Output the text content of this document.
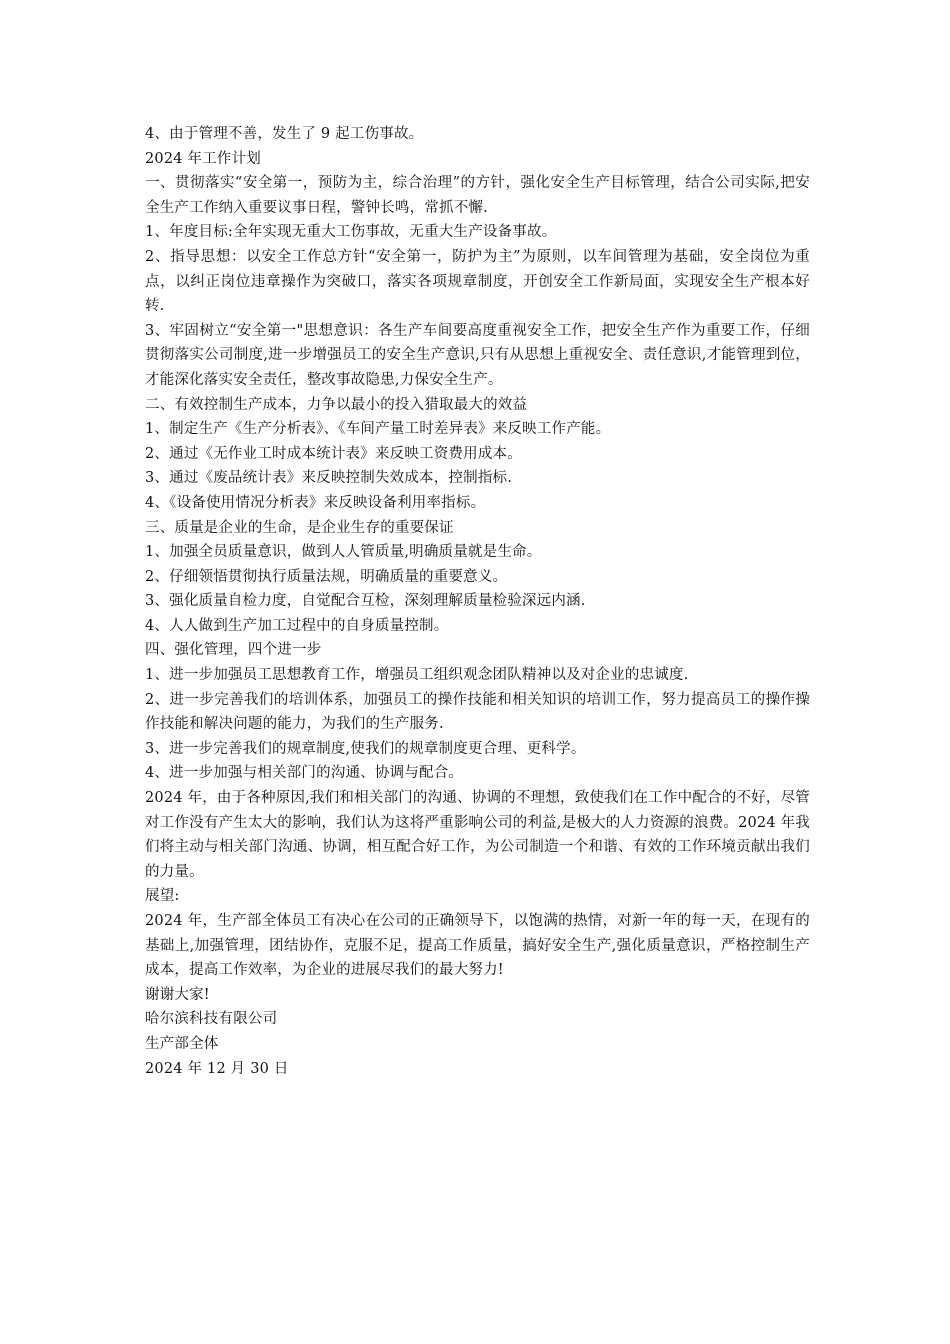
4、由于管理不善，发生了 9 起工伤事故。

2024 年工作计划

一、贯彻落实“安全第一，预防为主，综合治理”的方针，强化安全生产目标管理，结合公司实际,把安全生产工作纳入重要议事日程，警钟长鸣，常抓不懈.

1、年度目标:全年实现无重大工伤事故，无重大生产设备事故。

2、指导思想：以安全工作总方针“安全第一，防护为主”为原则，以车间管理为基础，安全岗位为重点，以纠正岗位违章操作为突破口，落实各项规章制度，开创安全工作新局面，实现安全生产根本好转.

3、牢固树立“安全第一"思想意识：各生产车间要高度重视安全工作，把安全生产作为重要工作，仔细贯彻落实公司制度,进一步增强员工的安全生产意识,只有从思想上重视安全、责任意识,才能管理到位，才能深化落实安全责任，整改事故隐患,力保安全生产。

二、有效控制生产成本，力争以最小的投入猎取最大的效益

1、制定生产《生产分析表》、《车间产量工时差异表》来反映工作产能。

2、通过《无作业工时成本统计表》来反映工资费用成本。

3、通过《废品统计表》来反映控制失效成本，控制指标.

4、《设备使用情况分析表》来反映设备利用率指标。

三、质量是企业的生命，是企业生存的重要保证

1、加强全员质量意识，做到人人管质量,明确质量就是生命。

2、仔细领悟贯彻执行质量法规，明确质量的重要意义。

3、强化质量自检力度，自觉配合互检，深刻理解质量检验深远内涵.

4、人人做到生产加工过程中的自身质量控制。

四、强化管理，四个进一步

1、进一步加强员工思想教育工作，增强员工组织观念团队精神以及对企业的忠诚度.

2、进一步完善我们的培训体系，加强员工的操作技能和相关知识的培训工作，努力提高员工的操作操作技能和解决问题的能力，为我们的生产服务.

3、进一步完善我们的规章制度,使我们的规章制度更合理、更科学。

4、进一步加强与相关部门的沟通、协调与配合。

2024 年，由于各种原因,我们和相关部门的沟通、协调的不理想，致使我们在工作中配合的不好，尽管对工作没有产生太大的影响，我们认为这将严重影响公司的利益,是极大的人力资源的浪费。2024 年我们将主动与相关部门沟通、协调，相互配合好工作，为公司制造一个和谐、有效的工作环境贡献出我们的力量。

展望:

2024 年，生产部全体员工有决心在公司的正确领导下，以饱满的热情，对新一年的每一天，在现有的基础上,加强管理，团结协作，克服不足，提高工作质量，搞好安全生产,强化质量意识，严格控制生产成本，提高工作效率，为企业的进展尽我们的最大努力!

谢谢大家!

哈尔滨科技有限公司

生产部全体

2024 年 12 月 30 日
